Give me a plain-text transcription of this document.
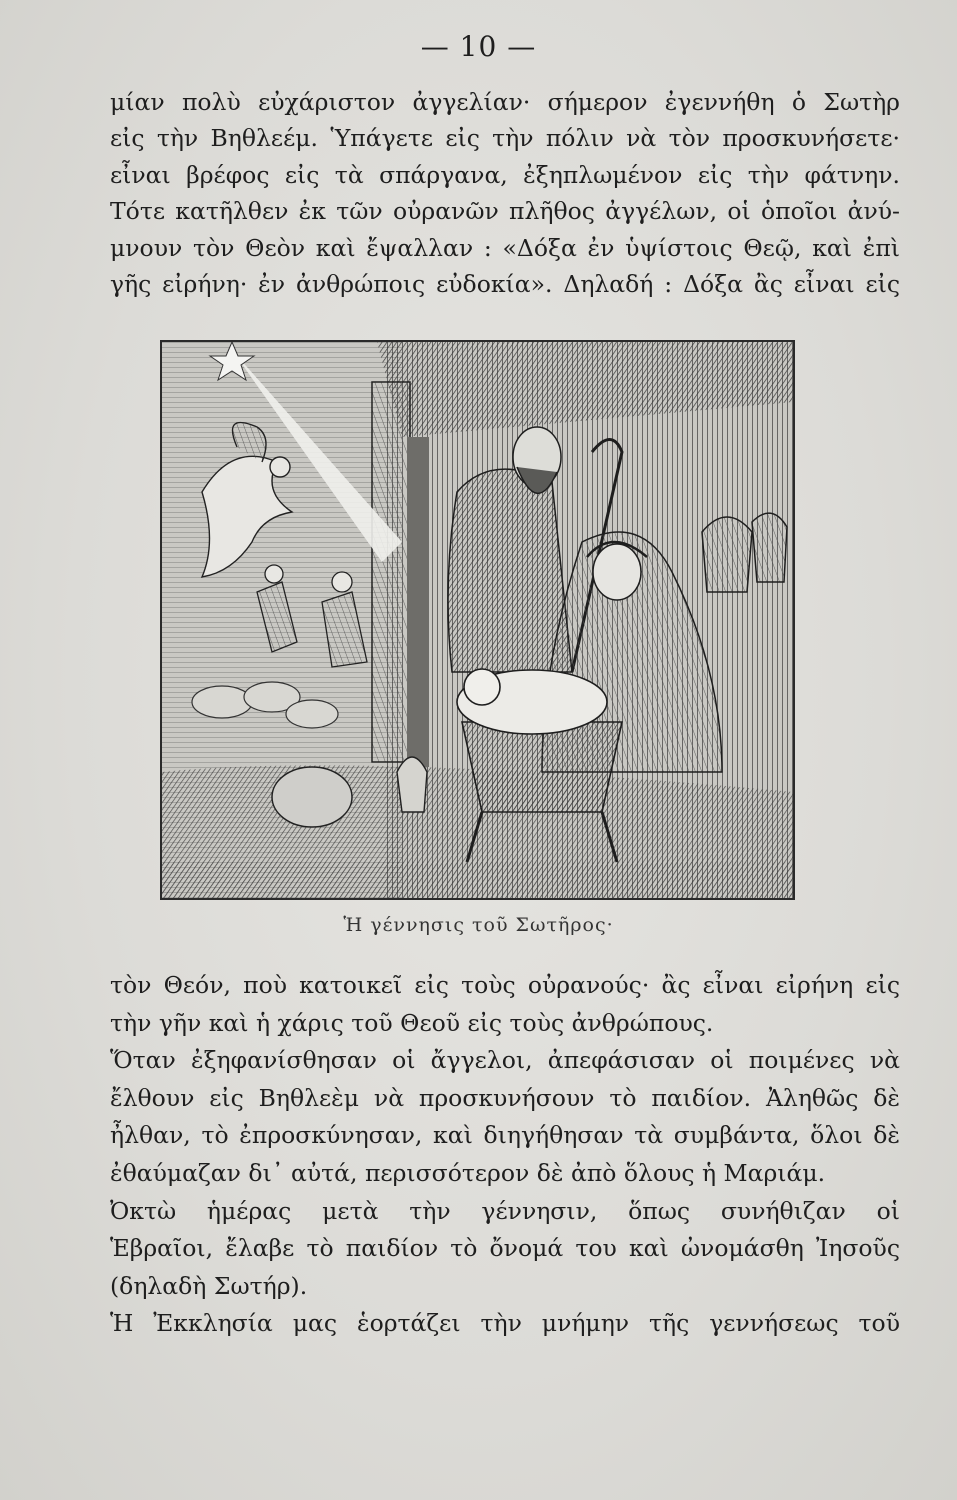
— 10 —
μίαν πολὺ εὐχάριστον ἀγγελίαν· σήμερον ἐγεννήθη ὁ Σωτὴρ
εἰς τὴν Βηθλεέμ. Ὑπάγετε εἰς τὴν πόλιν νὰ τὸν προσκυνήσετε·
εἶναι βρέφος εἰς τὰ σπάργανα, ἐξηπλωμένον εἰς τὴν φάτνην.
Τότε κατῆλθεν ἐκ τῶν οὐρανῶν πλῆθος ἀγγέλων, οἱ ὁποῖοι ἀνύ-
μνουν τὸν Θεὸν καὶ ἔψαλλαν : «Δόξα ἐν ὑψίστοις Θεῷ, καὶ ἐπὶ
γῆς εἰρήνη· ἐν ἀνθρώποις εὐδοκία». Δηλαδή : Δόξα ἂς εἶναι εἰς
Ἡ γέννησις τοῦ Σωτῆρος·
τὸν Θεόν, ποὺ κατοικεῖ εἰς τοὺς οὐρανούς· ἂς εἶναι εἰρήνη εἰς
τὴν γῆν καὶ ἡ χάρις τοῦ Θεοῦ εἰς τοὺς ἀνθρώπους.
Ὅταν ἐξηφανίσθησαν οἱ ἄγγελοι, ἀπεφάσισαν οἱ ποιμένες νὰ
ἔλθουν εἰς Βηθλεὲμ νὰ προσκυνήσουν τὸ παιδίον. Ἀληθῶς δὲ
ἦλθαν, τὸ ἐπροσκύνησαν, καὶ διηγήθησαν τὰ συμβάντα, ὅλοι δὲ
ἐθαύμαζαν δι᾽ αὐτά, περισσότερον δὲ ἀπὸ ὅλους ἡ Μαριάμ.
Ὀκτὼ ἡμέρας μετὰ τὴν γέννησιν, ὅπως συνήθιζαν οἱ
Ἑβραῖοι, ἔλαβε τὸ παιδίον τὸ ὄνομά του καὶ ὠνομάσθη Ἰησοῦς
(δηλαδὴ Σωτήρ).
Ἡ Ἐκκλησία μας ἑορτάζει τὴν μνήμην τῆς γεννήσεως τοῦ
